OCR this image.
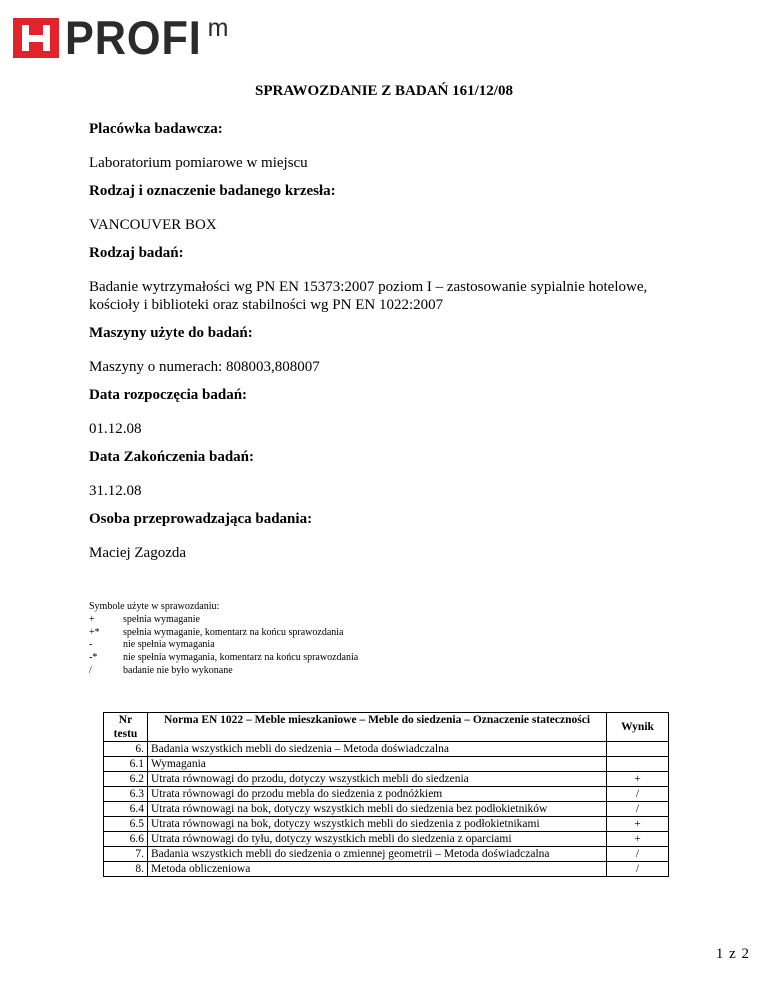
PROFI m
SPRAWOZDANIE Z BADAŃ 161/12/08

Placówka badawcza:

Laboratorium pomiarowe w miejscu

Rodzaj i oznaczenie badanego krzesła:

VANCOUVER BOX

Rodzaj badań:

Badanie wytrzymałości wg PN EN 15373:2007 poziom I – zastosowanie sypialnie hotelowe,

kościoły i biblioteki oraz stabilności wg PN EN 1022:2007

Maszyny użyte do badań:

Maszyny o numerach: 808003,808007

Data rozpoczęcia badań:

01.12.08

Data Zakończenia badań:

31.12.08

Osoba przeprowadzająca badania:

Maciej Zagozda

Symbole użyte w sprawozdaniu:
+	spełnia wymaganie
+*	spełnia wymaganie, komentarz na końcu sprawozdania
-	nie spełnia wymagania
-*	nie spełnia wymagania, komentarz na końcu sprawozdania
/	badanie nie było wykonane
Nr
testu	Norma EN 1022 – Meble mieszkaniowe – Meble do siedzenia – Oznaczenie stateczności	Wynik
6.	Badania wszystkich mebli do siedzenia – Metoda doświadczalna	
6.1	Wymagania	
6.2	Utrata równowagi do przodu, dotyczy wszystkich mebli do siedzenia	+
6.3	Utrata równowagi do przodu mebla do siedzenia z podnóżkiem	/
6.4	Utrata równowagi na bok, dotyczy wszystkich mebli do siedzenia bez podłokietników	/
6.5	Utrata równowagi na bok, dotyczy wszystkich mebli do siedzenia z podłokietnikami	+
6.6	Utrata równowagi do tyłu, dotyczy wszystkich mebli do siedzenia z oparciami	+
7.	Badania wszystkich mebli do siedzenia o zmiennej geometrii – Metoda doświadczalna	/
8.	Metoda obliczeniowa	/
1 z 2
